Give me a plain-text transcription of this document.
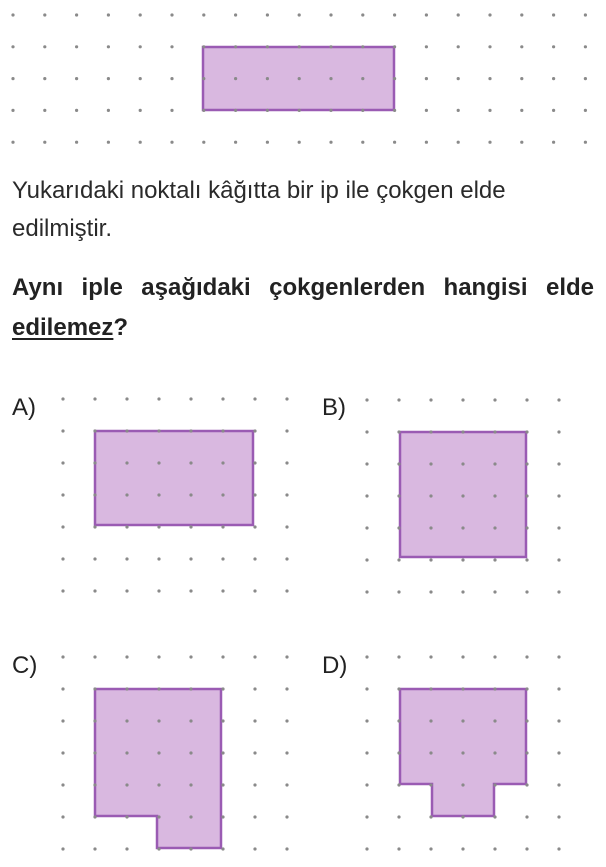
Yukarıdaki noktalı kâğıtta bir ip ile çokgen elde edilmiştir.

Aynı iple aşağıdaki çokgenlerden hangisi elde edilemez?

A)	B)
C)	D)
